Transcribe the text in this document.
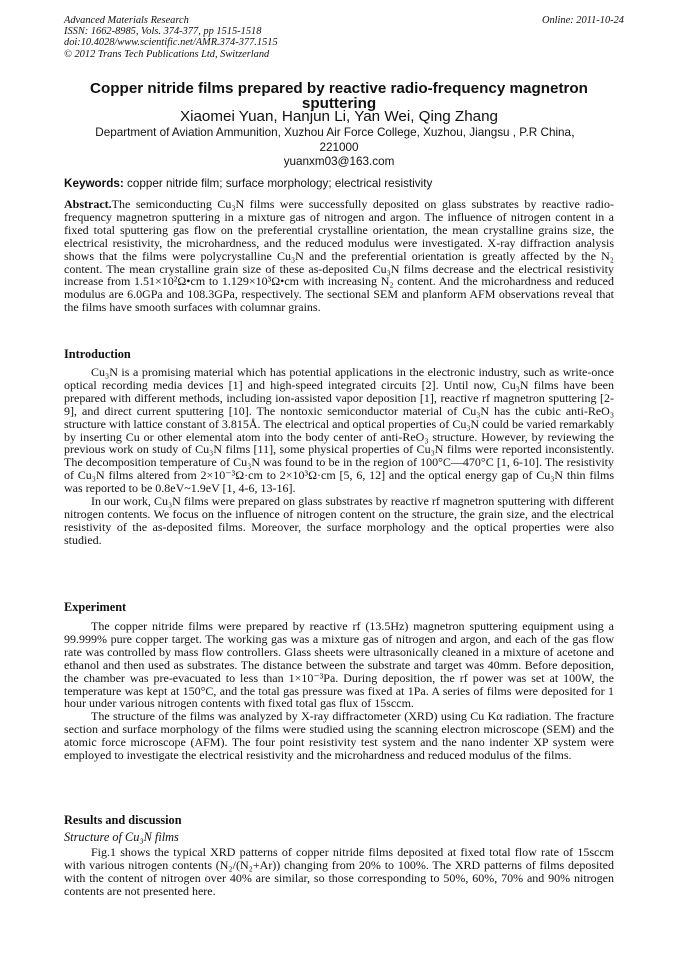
Advanced Materials Research
ISSN: 1662-8985, Vols. 374-377, pp 1515-1518
doi:10.4028/www.scientific.net/AMR.374-377.1515
© 2012 Trans Tech Publications Ltd, Switzerland
Online: 2011-10-24
Copper nitride films prepared by reactive radio-frequency magnetron
sputtering
Xiaomei Yuan, Hanjun Li, Yan Wei, Qing Zhang
Department of Aviation Ammunition, Xuzhou Air Force College, Xuzhou, Jiangsu , P.R China，
221000
yuanxm03@163.com
Keywords: copper nitride film; surface morphology; electrical resistivity

Abstract.The semiconducting Cu₃N films were successfully deposited on glass substrates by reactive radio-frequency magnetron sputtering in a mixture gas of nitrogen and argon. The influence of nitrogen content in a fixed total sputtering gas flow on the preferential crystalline orientation, the mean crystalline grains size, the electrical resistivity, the microhardness, and the reduced modulus were investigated. X-ray diffraction analysis shows that the films were polycrystalline Cu₃N and the preferential orientation is greatly affected by the N₂ content. The mean crystalline grain size of these as-deposited Cu₃N films decrease and the electrical resistivity increase from 1.51×10²Ω•cm to 1.129×10³Ω•cm with increasing N₂ content. And the microhardness and reduced modulus are 6.0GPa and 108.3GPa, respectively. The sectional SEM and planform AFM observations reveal that the films have smooth surfaces with columnar grains.

Introduction

Cu₃N is a promising material which has potential applications in the electronic industry, such as write-once optical recording media devices [1] and high-speed integrated circuits [2]. Until now, Cu₃N films have been prepared with different methods, including ion-assisted vapor deposition [1], reactive rf magnetron sputtering [2-9], and direct current sputtering [10]. The nontoxic semiconductor material of Cu₃N has the cubic anti-ReO₃ structure with lattice constant of 3.815Å. The electrical and optical properties of Cu₃N could be varied remarkably by inserting Cu or other elemental atom into the body center of anti-ReO₃ structure. However, by reviewing the previous work on study of Cu₃N films [11], some physical properties of Cu₃N films were reported inconsistently. The decomposition temperature of Cu₃N was found to be in the region of 100°C—470°C [1, 6-10]. The resistivity of Cu₃N films altered from 2×10⁻³Ω·cm to 2×10³Ω·cm [5, 6, 12] and the optical energy gap of Cu₃N thin films was reported to be 0.8eV~1.9eV [1, 4-6, 13-16].

In our work, Cu₃N films were prepared on glass substrates by reactive rf magnetron sputtering with different nitrogen contents. We focus on the influence of nitrogen content on the structure, the grain size, and the electrical resistivity of the as-deposited films. Moreover, the surface morphology and the optical properties were also studied.

Experiment

The copper nitride films were prepared by reactive rf (13.5Hz) magnetron sputtering equipment using a 99.999% pure copper target. The working gas was a mixture gas of nitrogen and argon, and each of the gas flow rate was controlled by mass flow controllers. Glass sheets were ultrasonically cleaned in a mixture of acetone and ethanol and then used as substrates. The distance between the substrate and target was 40mm. Before deposition, the chamber was pre-evacuated to less than 1×10⁻³Pa. During deposition, the rf power was set at 100W, the temperature was kept at 150°C, and the total gas pressure was fixed at 1Pa. A series of films were deposited for 1 hour under various nitrogen contents with fixed total gas flux of 15sccm.

The structure of the films was analyzed by X-ray diffractometer (XRD) using Cu Kα radiation. The fracture section and surface morphology of the films were studied using the scanning electron microscope (SEM) and the atomic force microscope (AFM). The four point resistivity test system and the nano indenter XP system were employed to investigate the electrical resistivity and the microhardness and reduced modulus of the films.

Results and discussion
Structure of Cu₃N films

Fig.1 shows the typical XRD patterns of copper nitride films deposited at fixed total flow rate of 15sccm with various nitrogen contents (N₂/(N₂+Ar)) changing from 20% to 100%. The XRD patterns of films deposited with the content of nitrogen over 40% are similar, so those corresponding to 50%, 60%, 70% and 90% nitrogen contents are not presented here.
